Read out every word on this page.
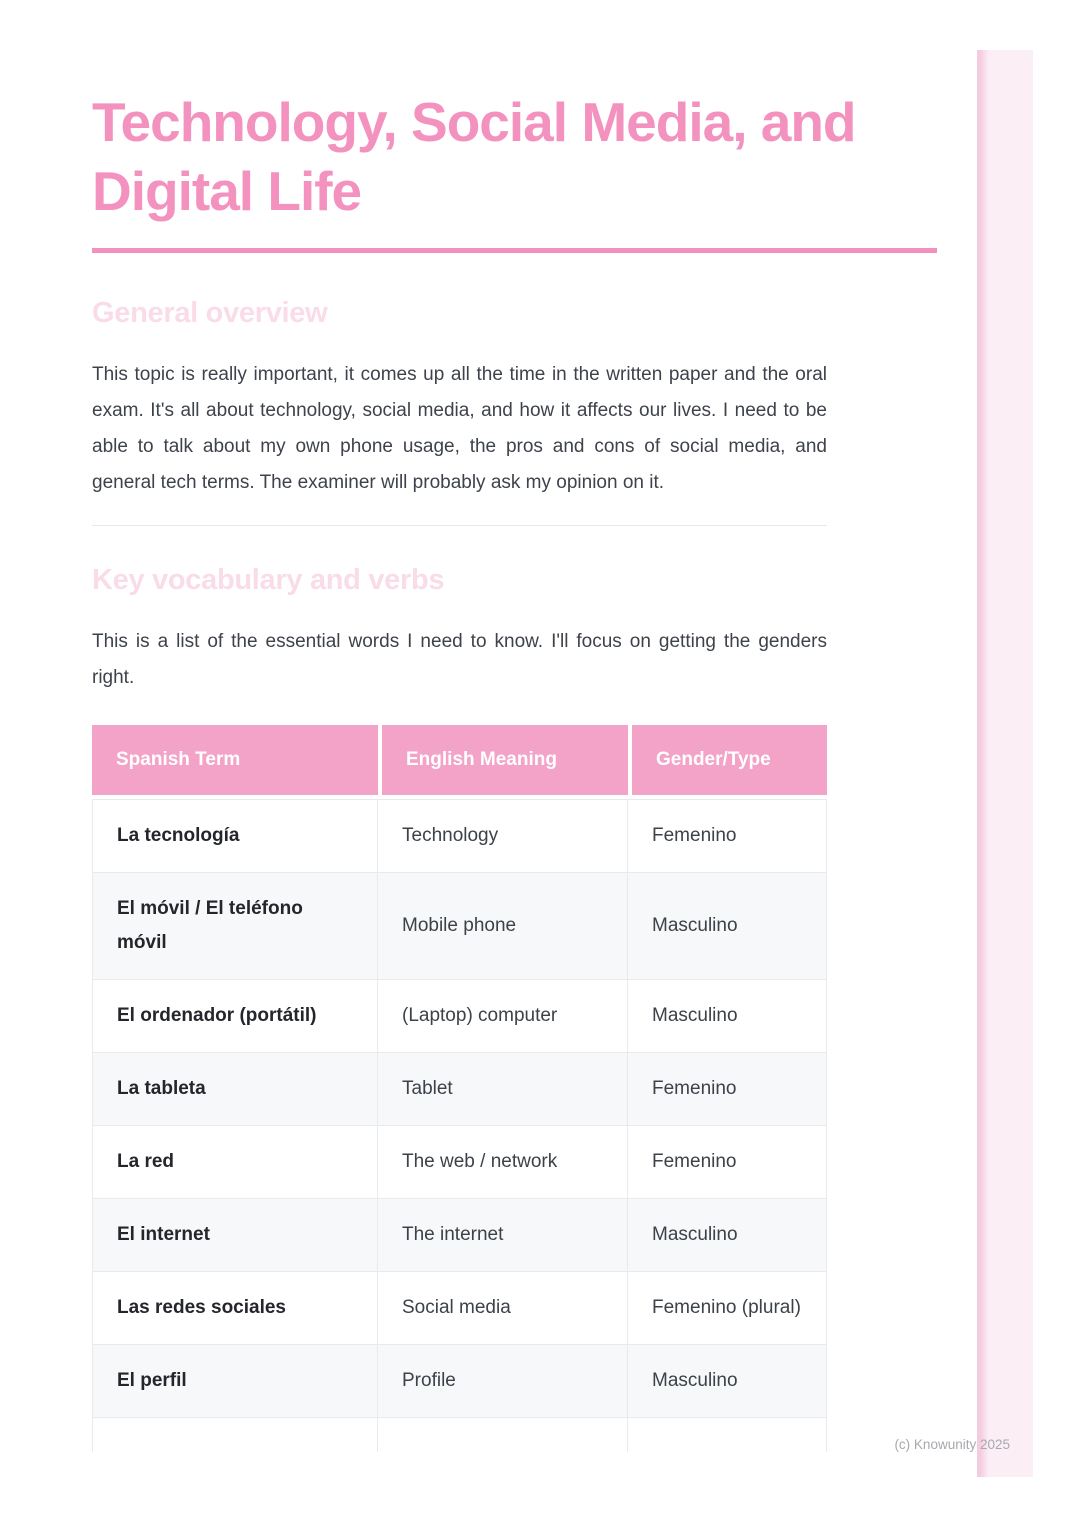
Technology, Social Media, and Digital Life
General overview

This topic is really important, it comes up all the time in the written paper and the oral exam. It's all about technology, social media, and how it affects our lives. I need to be able to talk about my own phone usage, the pros and cons of social media, and general tech terms. The examiner will probably ask my opinion on it.

Key vocabulary and verbs

This is a list of the essential words I need to know. I'll focus on getting the genders right.

Spanish Term	English Meaning	Gender/Type
La tecnología	Technology	Femenino
El móvil / El teléfono móvil	Mobile phone	Masculino
El ordenador (portátil)	(Laptop) computer	Masculino
La tableta	Tablet	Femenino
La red	The web / network	Femenino
El internet	The internet	Masculino
Las redes sociales	Social media	Femenino (plural)
El perfil	Profile	Masculino

(c) Knowunity 2025
